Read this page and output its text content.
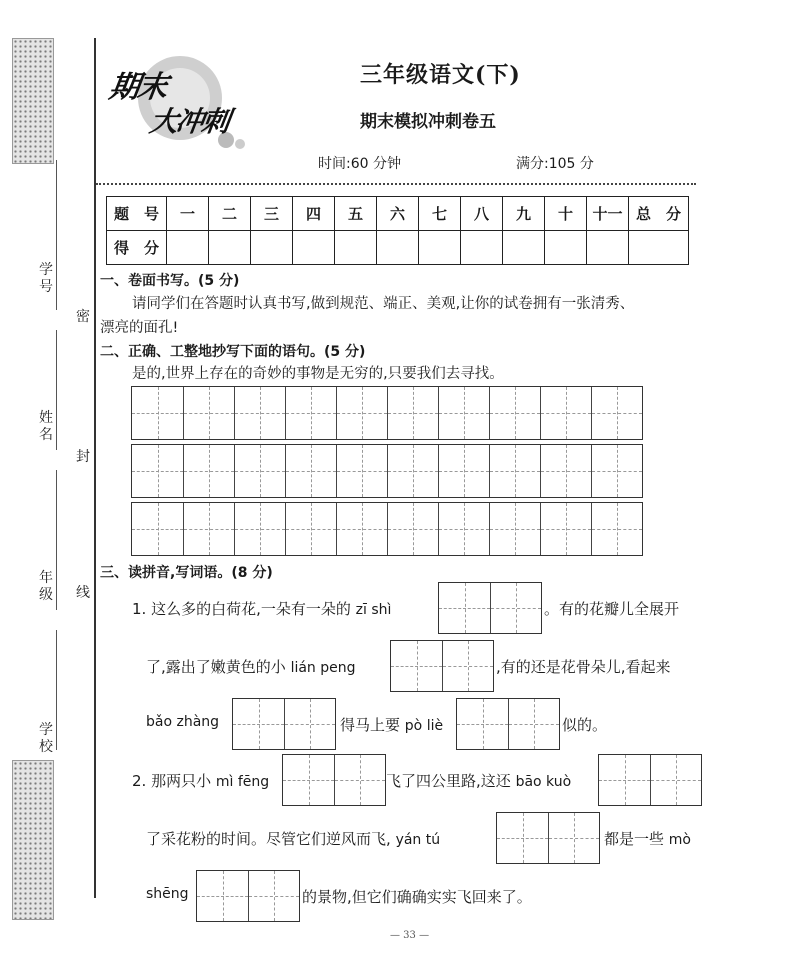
学号
姓名
年级
学校
密
封
线
期末
大冲刺
三年级语文(下)
期末模拟冲刺卷五
时间:60 分钟	满分:105 分
题　号	一	二	三	四	五	六	七	八	九	十	十一	总　分
得　分												
一、卷面书写。(5 分)
请同学们在答题时认真书写,做到规范、端正、美观,让你的试卷拥有一张清秀、
漂亮的面孔!
二、正确、工整地抄写下面的语句。(5 分)
是的,世界上存在的奇妙的事物是无穷的,只要我们去寻找。
三、读拼音,写词语。(8 分)
1. 这么多的白荷花,一朵有一朵的 zī shì	。有的花瓣儿全展开
了,露出了嫩黄色的小 lián peng	,有的还是花骨朵儿,看起来
bǎo zhàng	得马上要 pò liè	似的。
2. 那两只小 mì fēng	飞了四公里路,这还 bāo kuò
了采花粉的时间。尽管它们逆风而飞, yán tú	都是一些 mò
shēng	的景物,但它们确确实实飞回来了。
— 33 —
